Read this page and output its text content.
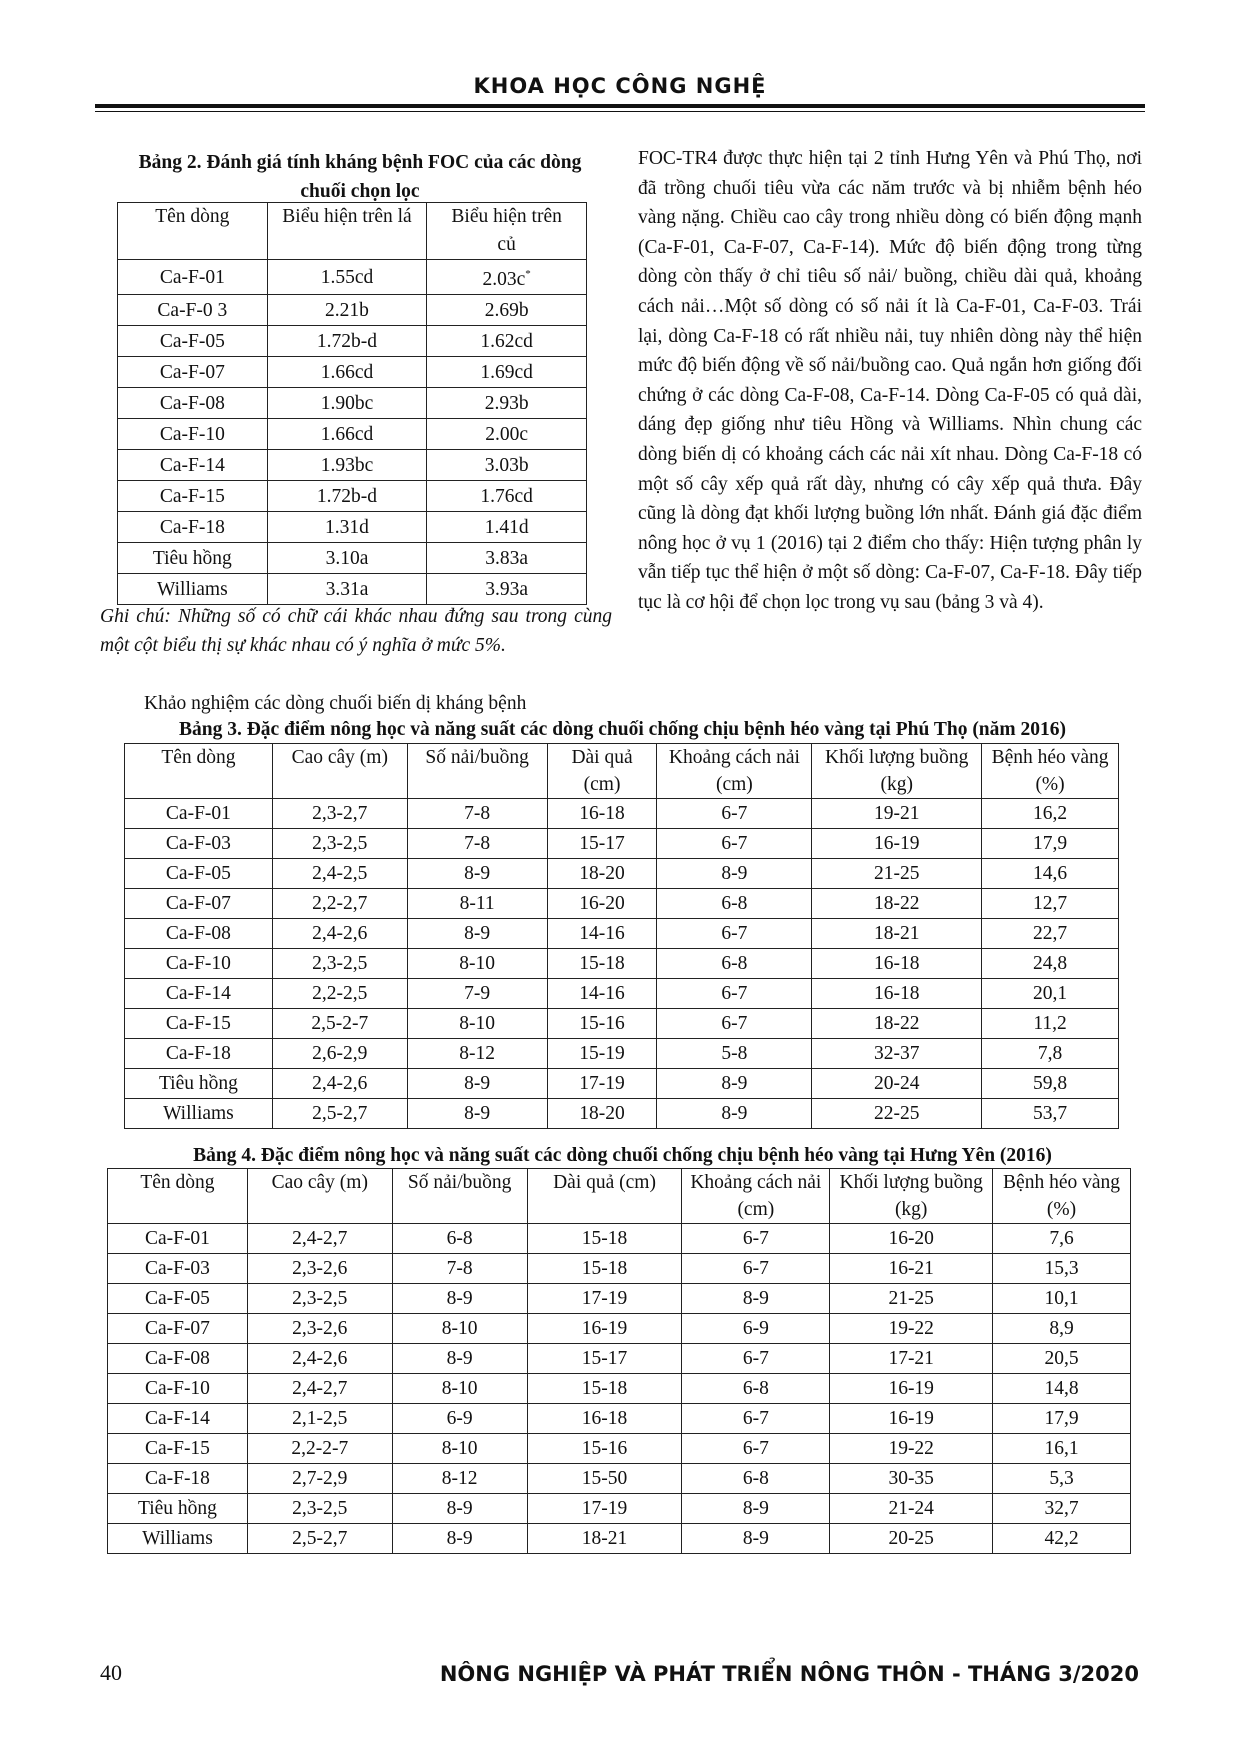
KHOA HỌC CÔNG NGHỆ
Bảng 2. Đánh giá tính kháng bệnh FOC của các dòng
chuối chọn lọc
Tên dòng	Biểu hiện trên lá	Biểu hiện trên củ
Ca-F-01	1.55cd	2.03c*
Ca-F-0 3	2.21b	2.69b
Ca-F-05	1.72b-d	1.62cd
Ca-F-07	1.66cd	1.69cd
Ca-F-08	1.90bc	2.93b
Ca-F-10	1.66cd	2.00c
Ca-F-14	1.93bc	3.03b
Ca-F-15	1.72b-d	1.76cd
Ca-F-18	1.31d	1.41d
Tiêu hồng	3.10a	3.83a
Williams	3.31a	3.93a
Ghi chú: Những số có chữ cái khác nhau đứng sau trong cùng một cột biểu thị sự khác nhau có ý nghĩa ở mức 5%.
Khảo nghiệm các dòng chuối biến dị kháng bệnh
FOC-TR4 được thực hiện tại 2 tỉnh Hưng Yên và Phú Thọ, nơi đã trồng chuối tiêu vừa các năm trước và bị nhiễm bệnh héo vàng nặng. Chiều cao cây trong nhiều dòng có biến động mạnh (Ca-F-01, Ca-F-07, Ca-F-14). Mức độ biến động trong từng dòng còn thấy ở chỉ tiêu số nải/ buồng, chiều dài quả, khoảng cách nải…Một số dòng có số nải ít là Ca-F-01, Ca-F-03. Trái lại, dòng Ca-F-18 có rất nhiều nải, tuy nhiên dòng này thể hiện mức độ biến động về số nải/buồng cao. Quả ngắn hơn giống đối chứng ở các dòng Ca-F-08, Ca-F-14. Dòng Ca-F-05 có quả dài, dáng đẹp giống như tiêu Hồng và Williams. Nhìn chung các dòng biến dị có khoảng cách các nải xít nhau. Dòng Ca-F-18 có một số cây xếp quả rất dày, nhưng có cây xếp quả thưa. Đây cũng là dòng đạt khối lượng buồng lớn nhất. Đánh giá đặc điểm nông học ở vụ 1 (2016) tại 2 điểm cho thấy: Hiện tượng phân ly vẫn tiếp tục thể hiện ở một số dòng: Ca-F-07, Ca-F-18. Đây tiếp tục là cơ hội để chọn lọc trong vụ sau (bảng 3 và 4).
Bảng 3. Đặc điểm nông học và năng suất các dòng chuối chống chịu bệnh héo vàng tại Phú Thọ (năm 2016)
Tên dòng	Cao cây (m)	Số nải/buồng	Dài quả (cm)	Khoảng cách nải (cm)	Khối lượng buồng (kg)	Bệnh héo vàng (%)
Ca-F-01	2,3-2,7	7-8	16-18	6-7	19-21	16,2
Ca-F-03	2,3-2,5	7-8	15-17	6-7	16-19	17,9
Ca-F-05	2,4-2,5	8-9	18-20	8-9	21-25	14,6
Ca-F-07	2,2-2,7	8-11	16-20	6-8	18-22	12,7
Ca-F-08	2,4-2,6	8-9	14-16	6-7	18-21	22,7
Ca-F-10	2,3-2,5	8-10	15-18	6-8	16-18	24,8
Ca-F-14	2,2-2,5	7-9	14-16	6-7	16-18	20,1
Ca-F-15	2,5-2-7	8-10	15-16	6-7	18-22	11,2
Ca-F-18	2,6-2,9	8-12	15-19	5-8	32-37	7,8
Tiêu hồng	2,4-2,6	8-9	17-19	8-9	20-24	59,8
Williams	2,5-2,7	8-9	18-20	8-9	22-25	53,7
Bảng 4. Đặc điểm nông học và năng suất các dòng chuối chống chịu bệnh héo vàng tại Hưng Yên (2016)
Tên dòng	Cao cây (m)	Số nải/buồng	Dài quả (cm)	Khoảng cách nải (cm)	Khối lượng buồng (kg)	Bệnh héo vàng (%)
Ca-F-01	2,4-2,7	6-8	15-18	6-7	16-20	7,6
Ca-F-03	2,3-2,6	7-8	15-18	6-7	16-21	15,3
Ca-F-05	2,3-2,5	8-9	17-19	8-9	21-25	10,1
Ca-F-07	2,3-2,6	8-10	16-19	6-9	19-22	8,9
Ca-F-08	2,4-2,6	8-9	15-17	6-7	17-21	20,5
Ca-F-10	2,4-2,7	8-10	15-18	6-8	16-19	14,8
Ca-F-14	2,1-2,5	6-9	16-18	6-7	16-19	17,9
Ca-F-15	2,2-2-7	8-10	15-16	6-7	19-22	16,1
Ca-F-18	2,7-2,9	8-12	15-50	6-8	30-35	5,3
Tiêu hồng	2,3-2,5	8-9	17-19	8-9	21-24	32,7
Williams	2,5-2,7	8-9	18-21	8-9	20-25	42,2
40	NÔNG NGHIỆP VÀ PHÁT TRIỂN NÔNG THÔN - THÁNG 3/2020
